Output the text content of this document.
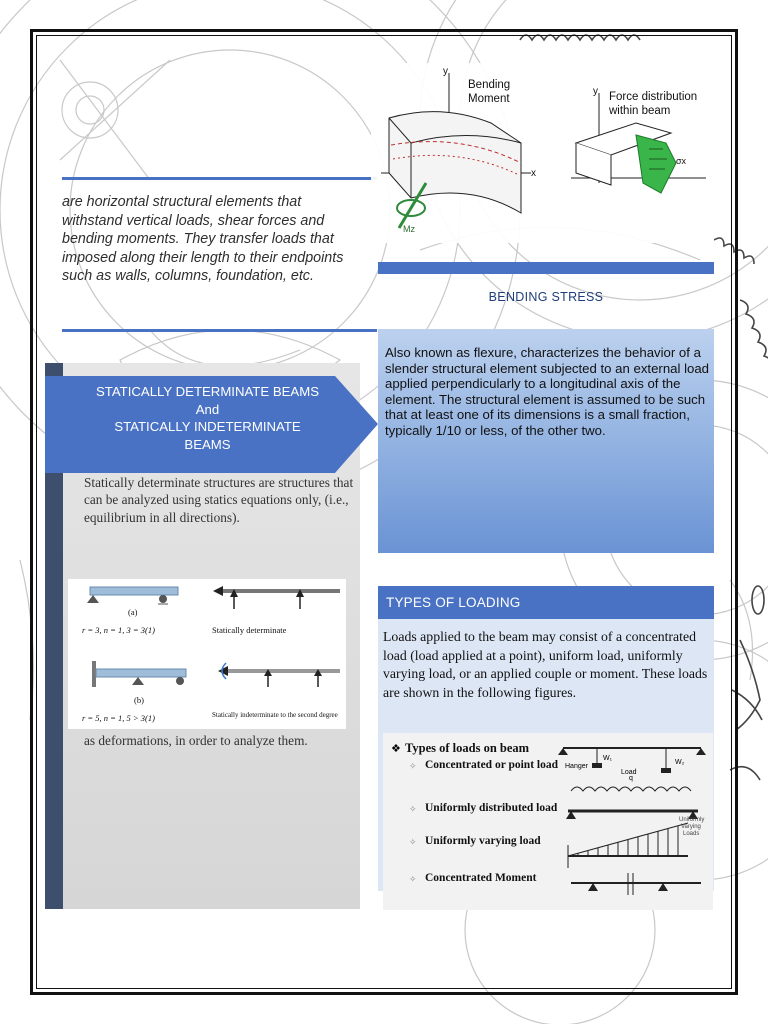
are horizontal structural elements that withstand vertical loads, shear forces and bending moments. They transfer loads that imposed along their length to their endpoints such as walls, columns, foundation, etc.
Bending
Moment	Force distribution
within beam
y
x
y
Mz
σx
BENDING STRESS
Also known as flexure, characterizes the behavior of a slender structural element subjected to an external load applied perpendicularly to a longitudinal axis of the element. The structural element is assumed to be such that at least one of its dimensions is a small fraction, typically 1/10 or less, of the other two.
TYPES OF LOADING
Loads applied to the beam may consist of a concentrated load (load applied at a point), uniform load, uniformly varying load, or an applied couple or moment. These loads are shown in the following figures.
❖ Types of loads on beam
✧ Concentrated or point load
✧ Uniformly distributed load
✧ Uniformly varying load
✧ Concentrated Moment
Hanger
Load
W₁
W₂
q
Uniformly
Varying
Loads
STATICALLY DETERMINATE BEAMS
And
STATICALLY INDETERMINATE
BEAMS
Statically determinate structures are structures that can be analyzed using statics equations only, (i.e., equilibrium in all directions).
(a)
r = 3, n = 1, 3 = 3(1)	Statically determinate
(b)
r = 5, n = 1, 5 > 3(1)	Statically indeterminate to the second degree
as deformations, in order to analyze them.
